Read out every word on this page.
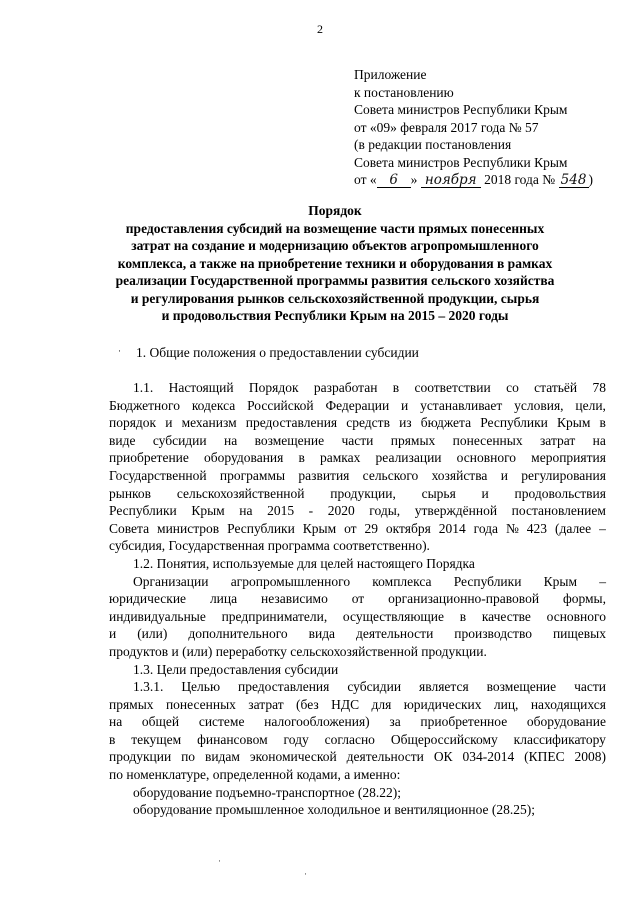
2
Приложение
к постановлению
Совета министров Республики Крым
от «09» февраля 2017 года № 57
(в редакции постановления
Совета министров Республики Крым
от « 6 » ноября 2018 года № 548 )
Порядок
предоставления субсидий на возмещение части прямых понесенных
затрат на создание и модернизацию объектов агропромышленного
комплекса, а также на приобретение техники и оборудования в рамках
реализации Государственной программы развития сельского хозяйства
и регулирования рынков сельскохозяйственной продукции, сырья
и продовольствия Республики Крым на 2015 – 2020 годы
· 1. Общие положения о предоставлении субсидии
1.1. Настоящий Порядок разработан в соответствии со статьёй 78
Бюджетного кодекса Российской Федерации и устанавливает условия, цели,
порядок и механизм предоставления средств из бюджета Республики Крым в
виде субсидии на возмещение части прямых понесенных затрат на
приобретение оборудования в рамках реализации основного мероприятия
Государственной программы развития сельского хозяйства и регулирования
рынков сельскохозяйственной продукции, сырья и продовольствия
Республики Крым на 2015 - 2020 годы, утверждённой постановлением
Совета министров Республики Крым от 29 октября 2014 года № 423 (далее –
субсидия, Государственная программа соответственно).
1.2. Понятия, используемые для целей настоящего Порядка
Организации агропромышленного комплекса Республики Крым –
юридические лица независимо от организационно-правовой формы,
индивидуальные предприниматели, осуществляющие в качестве основного
и (или) дополнительного вида деятельности производство пищевых
продуктов и (или) переработку сельскохозяйственной продукции.
1.3. Цели предоставления субсидии
1.3.1. Целью предоставления субсидии является возмещение части
прямых понесенных затрат (без НДС для юридических лиц, находящихся
на общей системе налогообложения) за приобретенное оборудование
в текущем финансовом году согласно Общероссийскому классификатору
продукции по видам экономической деятельности ОК 034-2014 (КПЕС 2008)
по номенклатуре, определенной кодами, а именно:
оборудование подъемно-транспортное (28.22);
оборудование промышленное холодильное и вентиляционное (28.25);
·
·
